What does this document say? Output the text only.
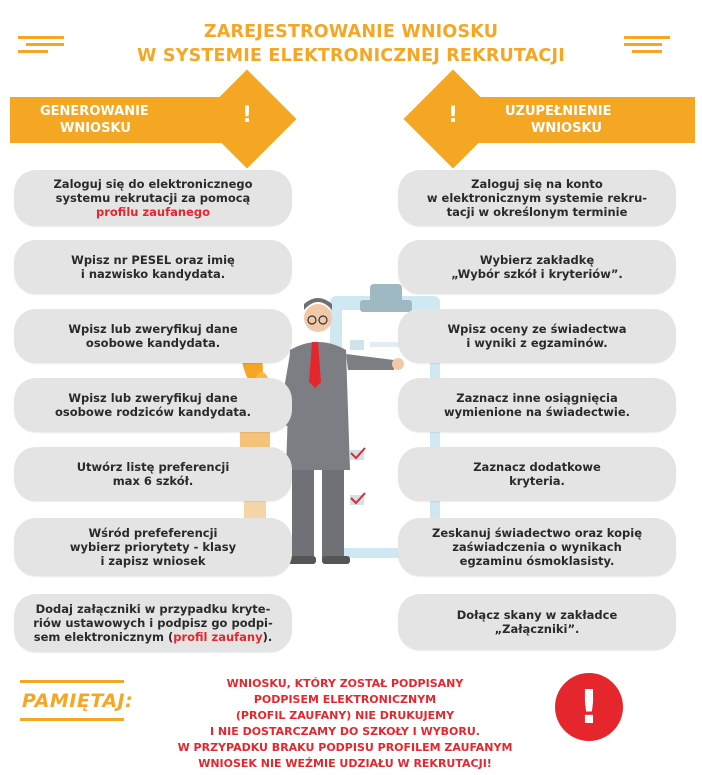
ZAREJESTROWANIE WNIOSKU
W SYSTEMIE ELEKTRONICZNEJ REKRUTACJI
GENEROWANIE
WNIOSKU
!	UZUPEŁNIENIE
WNIOSKU
!
Zaloguj się do elektronicznego
systemu rekrutacji za pomocą
profilu zaufanego
Wpisz nr PESEL oraz imię
i nazwisko kandydata.
Wpisz lub zweryfikuj dane
osobowe kandydata.
Wpisz lub zweryfikuj dane
osobowe rodziców kandydata.
Utwórz listę preferencji
max 6 szkół.
Wśród prefeferencji
wybierz priorytety - klasy
i zapisz wniosek
Dodaj załączniki w przypadku kryte-
riów ustawowych i podpisz go podpi-
sem elektronicznym (profil zaufany).
Zaloguj się na konto
w elektronicznym systemie rekru-
tacji w określonym terminie
Wybierz zakładkę
„Wybór szkół i kryteriów”.
Wpisz oceny ze świadectwa
i wyniki z egzaminów.
Zaznacz inne osiągnięcia
wymienione na świadectwie.
Zaznacz dodatkowe
kryteria.
Zeskanuj świadectwo oraz kopię
zaświadczenia o wynikach
egzaminu ósmoklasisty.
Dołącz skany w zakładce
„Załączniki”.
PAMIĘTAJ:
WNIOSKU, KTÓRY ZOSTAŁ PODPISANY
PODPISEM ELEKTRONICZNYM
(PROFIL ZAUFANY) NIE DRUKUJEMY
I NIE DOSTARCZAMY DO SZKOŁY I WYBORU.
W PRZYPADKU BRAKU PODPISU PROFILEM ZAUFANYM
WNIOSEK NIE WEŹMIE UDZIAŁU W REKRUTACJI!
!
